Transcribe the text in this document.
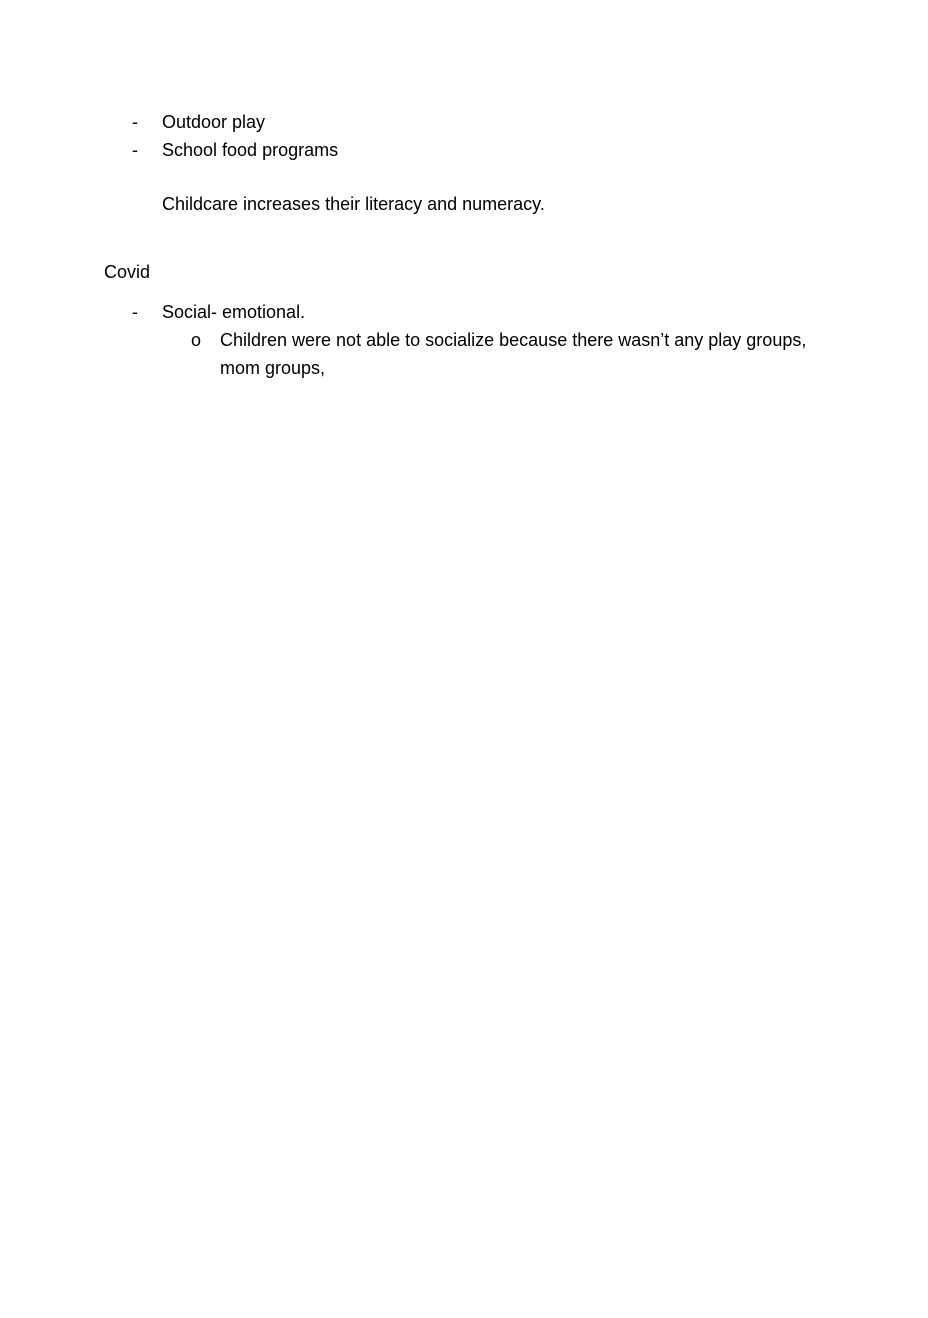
- Outdoor play
- School food programs
Childcare increases their literacy and numeracy.
Covid
- Social- emotional.
o Children were not able to socialize because there wasn’t any play groups, mom groups,
